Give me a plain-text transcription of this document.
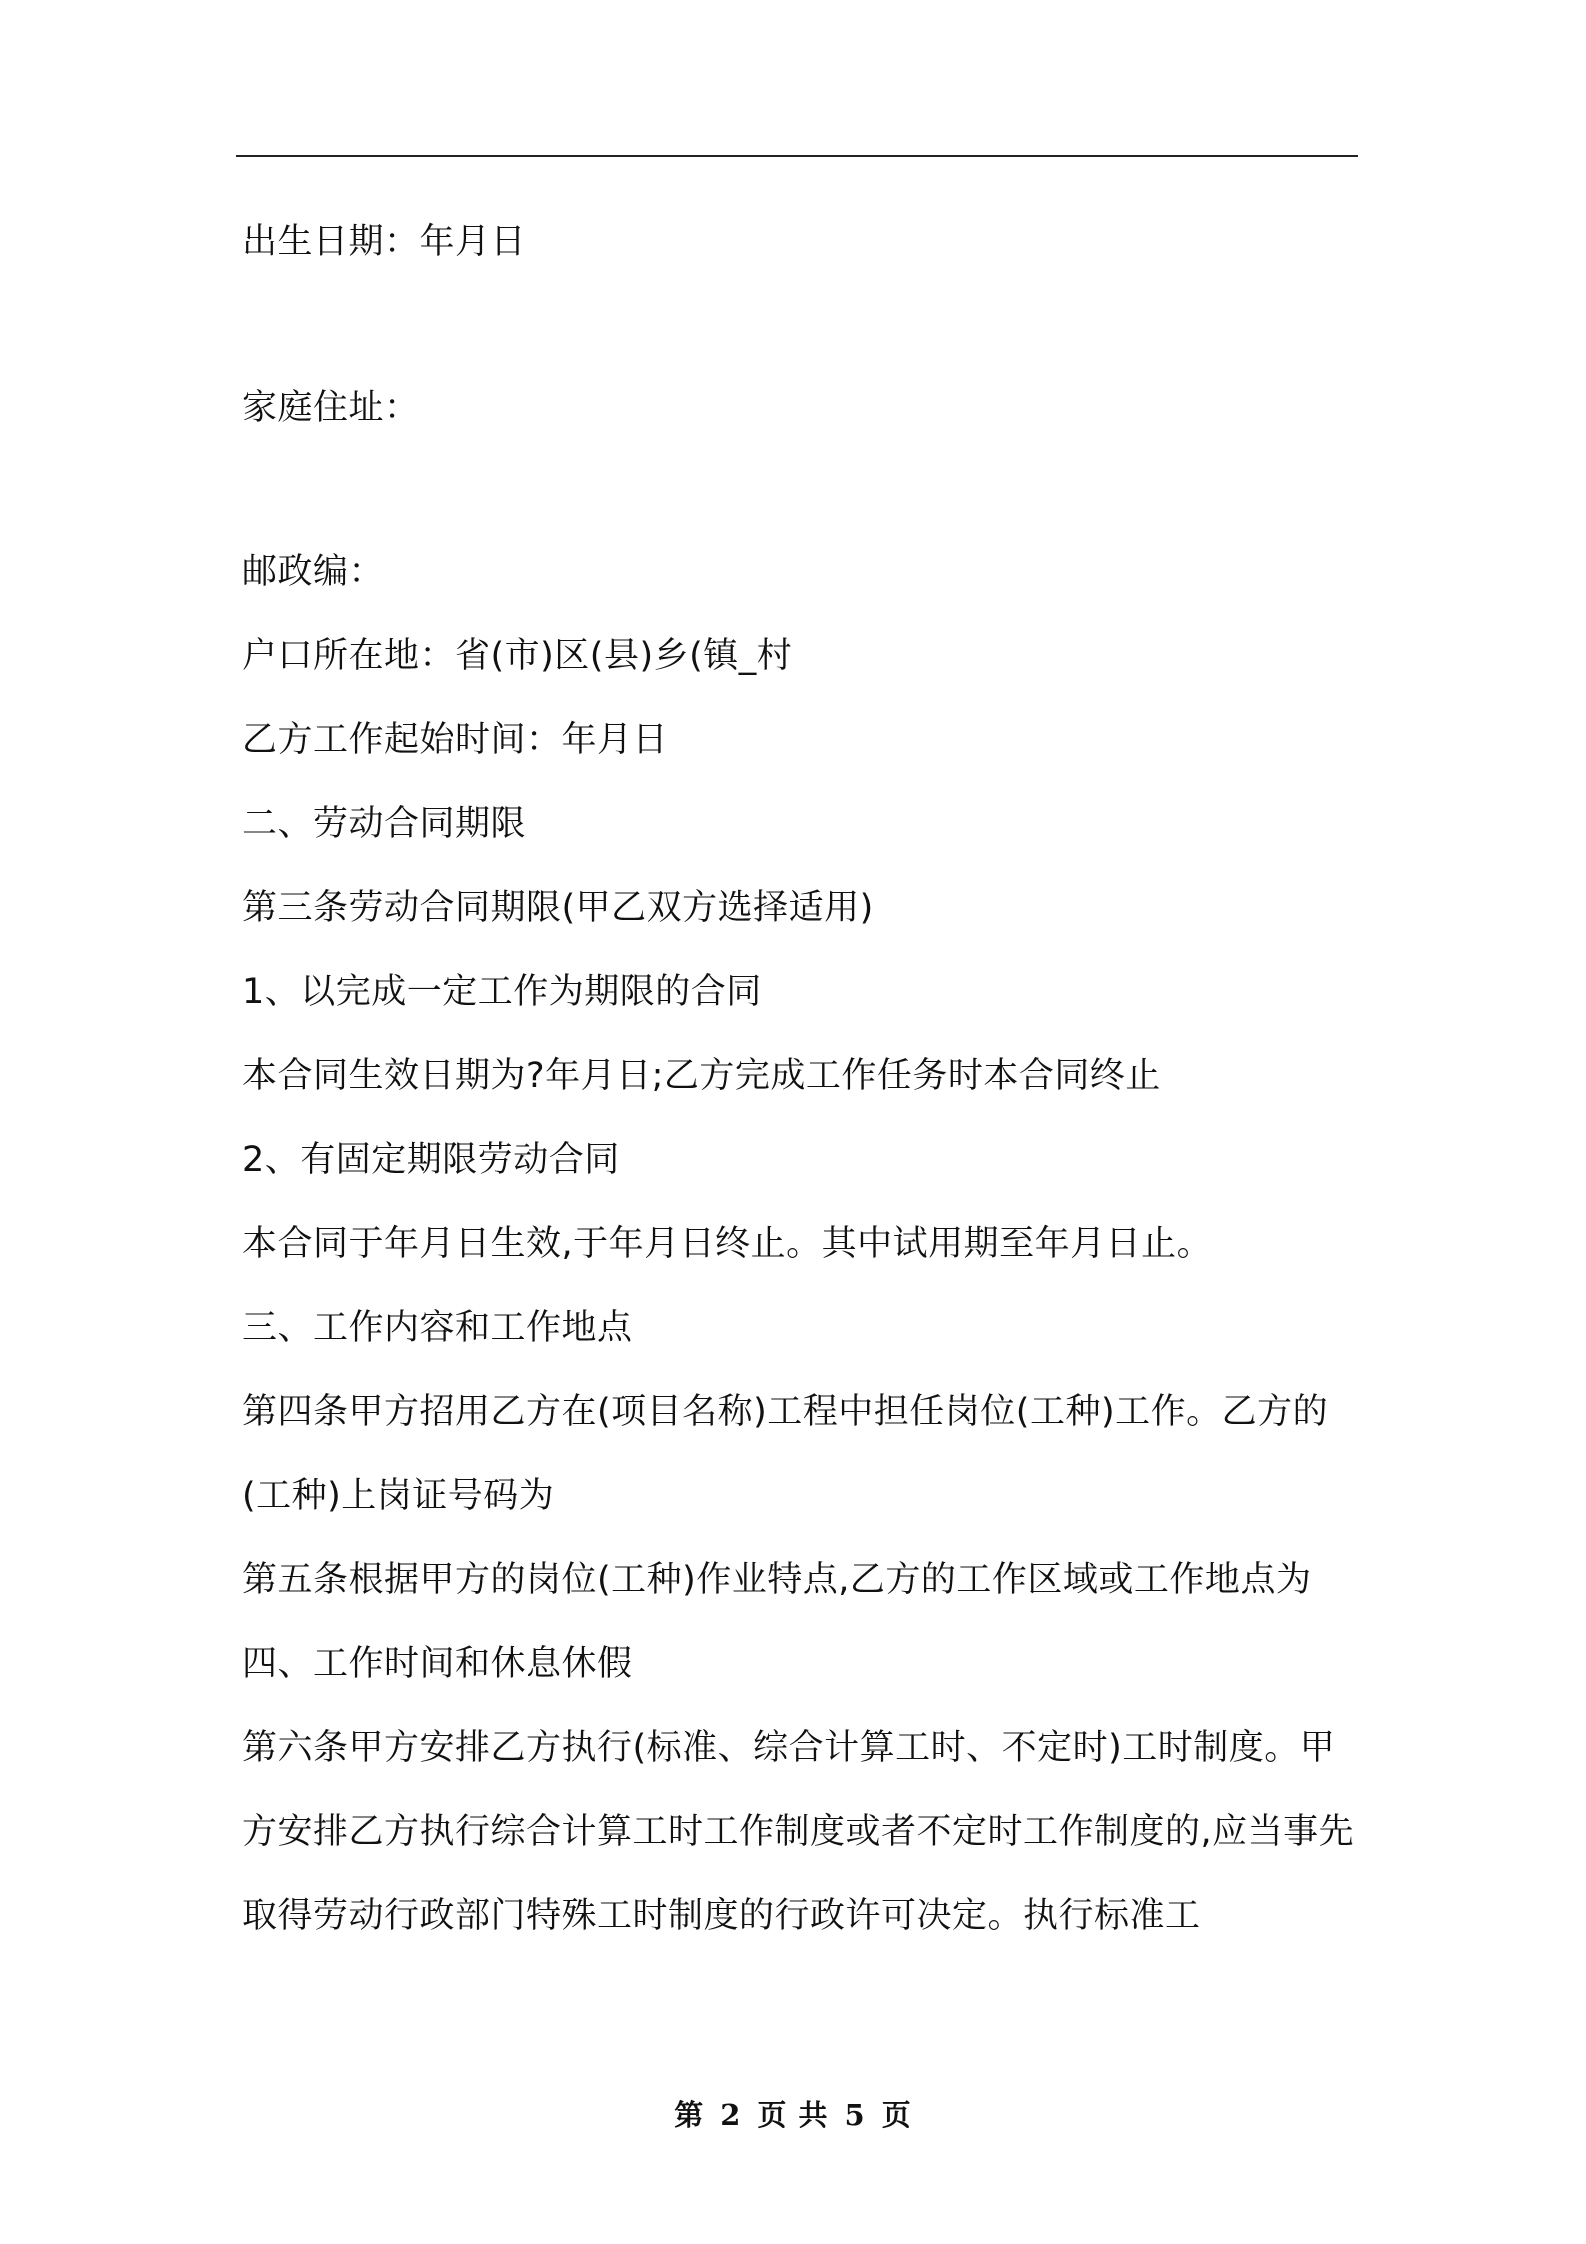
出生日期：年月日

家庭住址：

邮政编：

户口所在地：省(市)区(县)乡(镇_村

乙方工作起始时间：年月日

二、劳动合同期限

第三条劳动合同期限(甲乙双方选择适用)

1、以完成一定工作为期限的合同

本合同生效日期为?年月日;乙方完成工作任务时本合同终止

2、有固定期限劳动合同

本合同于年月日生效,于年月日终止。其中试用期至年月日止。

三、工作内容和工作地点

第四条甲方招用乙方在(项目名称)工程中担任岗位(工种)工作。乙方的(工种)上岗证号码为

第五条根据甲方的岗位(工种)作业特点,乙方的工作区域或工作地点为

四、工作时间和休息休假

第六条甲方安排乙方执行(标准、综合计算工时、不定时)工时制度。甲方安排乙方执行综合计算工时工作制度或者不定时工作制度的,应当事先取得劳动行政部门特殊工时制度的行政许可决定。执行标准工

第 2 页 共 5 页
